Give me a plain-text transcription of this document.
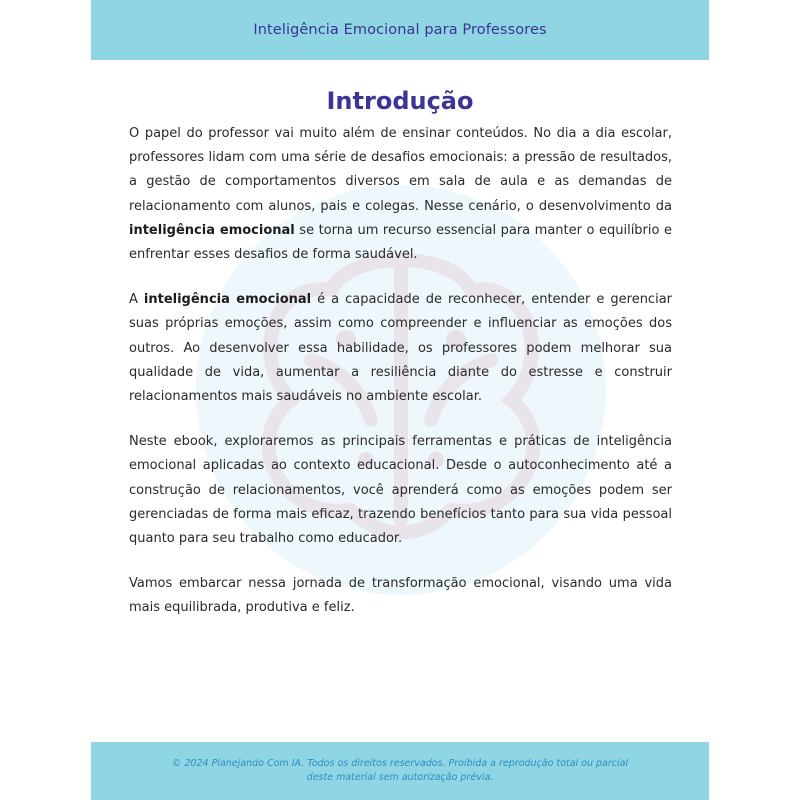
Inteligência Emocional para Professores
Introdução

O papel do professor vai muito além de ensinar conteúdos. No dia a dia escolar, professores lidam com uma série de desafios emocionais: a pressão de resultados, a gestão de comportamentos diversos em sala de aula e as demandas de relacionamento com alunos, pais e colegas. Nesse cenário, o desenvolvimento da inteligência emocional se torna um recurso essencial para manter o equilíbrio e enfrentar esses desafios de forma saudável.

A inteligência emocional é a capacidade de reconhecer, entender e gerenciar suas próprias emoções, assim como compreender e influenciar as emoções dos outros. Ao desenvolver essa habilidade, os professores podem melhorar sua qualidade de vida, aumentar a resiliência diante do estresse e construir relacionamentos mais saudáveis no ambiente escolar.

Neste ebook, exploraremos as principais ferramentas e práticas de inteligência emocional aplicadas ao contexto educacional. Desde o autoconhecimento até a construção de relacionamentos, você aprenderá como as emoções podem ser gerenciadas de forma mais eficaz, trazendo benefícios tanto para sua vida pessoal quanto para seu trabalho como educador.

Vamos embarcar nessa jornada de transformação emocional, visando uma vida mais equilibrada, produtiva e feliz.

© 2024 Planejando Com IA. Todos os direitos reservados. Proibida a reprodução total ou parcial
deste material sem autorização prévia.
